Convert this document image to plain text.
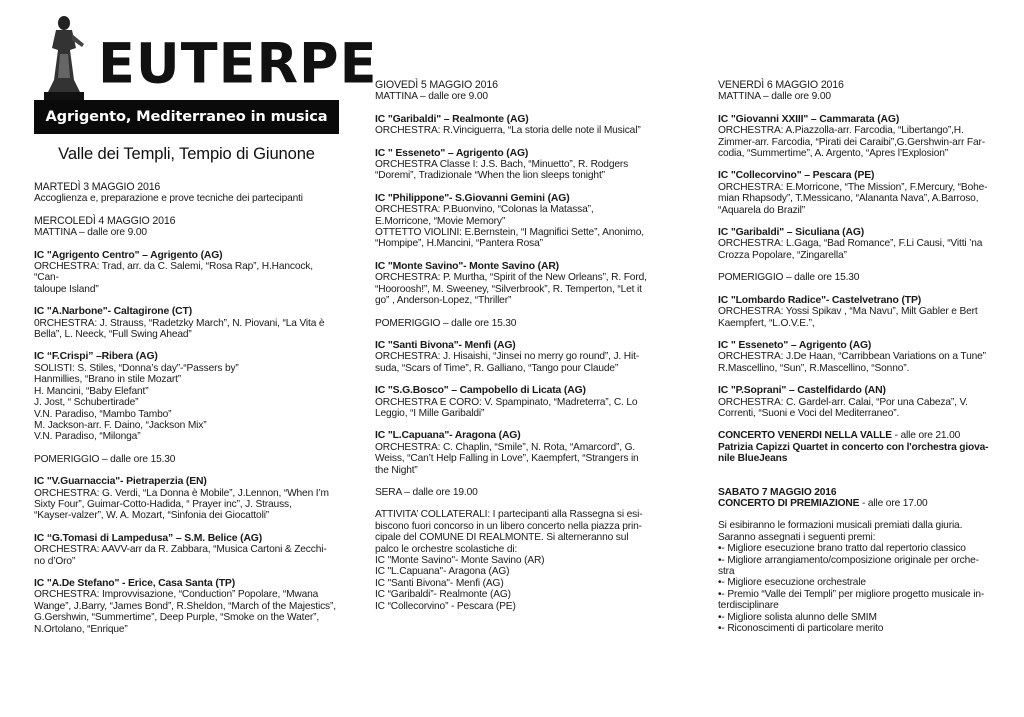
EUTERPE
Agrigento, Mediterraneo in musica
Valle dei Templi, Tempio di Giunone
MARTEDÌ 3 MAGGIO 2016
Accoglienza e, preparazione e prove tecniche dei partecipanti
MERCOLEDÌ 4 MAGGIO 2016
MATTINA – dalle ore 9.00
IC "Agrigento Centro" – Agrigento (AG)
ORCHESTRA: Trad, arr. da C. Salemi, “Rosa Rap”, H.Hancock, “Can-
taloupe Island”
IC "A.Narbone"- Caltagirone (CT)
0RCHESTRA: J. Strauss, “Radetzky March”, N. Piovani, “La Vita è
Bella”, L. Neeck, “Full Swing Ahead”
IC “F.Crispi” –Ribera (AG)
SOLISTI: S. Stiles, “Donna’s day”-“Passers by”
Hanmillies, “Brano in stile Mozart”
H. Mancini, “Baby Elefant”
J. Jost, “ Schubertirade”
V.N. Paradiso, “Mambo Tambo”
M. Jackson-arr. F. Daino, “Jackson Mix”
V.N. Paradiso, “Milonga”
POMERIGGIO – dalle ore 15.30
IC "V.Guarnaccia"- Pietraperzia (EN)
ORCHESTRA: G. Verdi, “La Donna è Mobile”, J.Lennon, “When I’m
Sixty Four”, Guimar-Cotto-Hadida, “ Prayer inc”, J. Strauss,
“Kayser-valzer”, W. A. Mozart, “Sinfonia dei Giocattoli”
IC “G.Tomasi di Lampedusa” – S.M. Belice (AG)
ORCHESTRA: AAVV-arr da R. Zabbara, “Musica Cartoni & Zecchi-
no d’Oro”
IC "A.De Stefano" - Erice, Casa Santa (TP)
ORCHESTRA: Improvvisazione, “Conduction” Popolare, “Mwana
Wange”, J.Barry, “James Bond”, R.Sheldon, “March of the Majestics”,
G.Gershwin, “Summertime”, Deep Purple, “Smoke on the Water”,
N.Ortolano, “Enrique”
GIOVEDÌ 5 MAGGIO 2016
MATTINA – dalle ore 9.00
IC "Garibaldi" – Realmonte (AG)
ORCHESTRA: R.Vinciguerra, “La storia delle note il Musical”
IC " Esseneto" – Agrigento (AG)
ORCHESTRA Classe I: J.S. Bach, “Minuetto”, R. Rodgers
“Doremi”, Tradizionale “When the lion sleeps tonight”
IC "Philippone"- S.Giovanni Gemini (AG)
ORCHESTRA: P.Buonvino, “Colonas la Matassa”,
E.Morricone, “Movie Memory”
OTTETTO VIOLINI: E.Bernstein, “I Magnifici Sette”, Anonimo,
“Hompipe”, H.Mancini, “Pantera Rosa”
IC "Monte Savino"- Monte Savino (AR)
ORCHESTRA: P. Murtha, “Spirit of the New Orleans”, R. Ford,
“Hooroosh!”, M. Sweeney, “Silverbrook”, R. Temperton, “Let it
go” , Anderson-Lopez, “Thriller”
POMERIGGIO – dalle ore 15.30
IC "Santi Bivona"- Menfi (AG)
ORCHESTRA: J. Hisaishi, “Jinsei no merry go round”, J. Hit-
suda, “Scars of Time”, R. Galliano, “Tango pour Claude”
IC "S.G.Bosco" – Campobello di Licata (AG)
ORCHESTRA E CORO: V. Spampinato, “Madreterra”, C. Lo
Leggio, “I Mille Garibaldi”
IC "L.Capuana"- Aragona (AG)
ORCHESTRA: C. Chaplin, “Smile”, N. Rota, “Amarcord”, G.
Weiss, “Can’t Help Falling in Love”, Kaempfert, “Strangers in
the Night”
SERA – dalle ore 19.00
ATTIVITA’ COLLATERALI: I partecipanti alla Rassegna si esi-
biscono fuori concorso in un libero concerto nella piazza prin-
cipale del COMUNE DI REALMONTE. Si alterneranno sul
palco le orchestre scolastiche di:
IC "Monte Savino"- Monte Savino (AR)
IC "L.Capuana"- Aragona (AG)
IC "Santi Bivona"- Menfi (AG)
IC “Garibaldi”- Realmonte (AG)
IC “Collecorvino” - Pescara (PE)
VENERDÌ 6 MAGGIO 2016
MATTINA – dalle ore 9.00
IC "Giovanni XXIII" – Cammarata (AG)
ORCHESTRA: A.Piazzolla-arr. Farcodia, “Libertango”,H.
Zimmer-arr. Farcodia, “Pirati dei Caraibi”,G.Gershwin-arr Far-
codia, “Summertime”, A. Argento, “Apres l’Explosion”
IC "Collecorvino" – Pescara (PE)
ORCHESTRA: E.Morricone, “The Mission”, F.Mercury, “Bohe-
mian Rhapsody”, T.Messicano, “Alananta Nava”, A.Barroso,
“Aquarela do Brazil”
IC "Garibaldi" – Siculiana (AG)
ORCHESTRA: L.Gaga, “Bad Romance”, F.Li Causi, “Vitti ’na
Crozza Popolare, “Zingarella”
POMERIGGIO – dalle ore 15.30
IC "Lombardo Radice"- Castelvetrano (TP)
ORCHESTRA: Yossi Spikav , “Ma Navu”, Milt Gabler e Bert
Kaempfert, “L.O.V.E.”,
IC " Esseneto" – Agrigento (AG)
ORCHESTRA: J.De Haan, “Carribbean Variations on a Tune”
R.Mascellino, “Sun”, R.Mascellino, “Sonno”.
IC "P.Soprani" – Castelfidardo (AN)
ORCHESTRA: C. Gardel-arr. Calai, “Por una Cabeza”, V.
Correnti, “Suoni e Voci del Mediterraneo”.
CONCERTO VENERDI NELLA VALLE - alle ore 21.00
Patrizia Capizzi Quartet in concerto con l'orchestra giova-
nile BlueJeans
SABATO 7 MAGGIO 2016
CONCERTO DI PREMIAZIONE - alle ore 17.00
Si esibiranno le formazioni musicali premiati dalla giuria.
Saranno assegnati i seguenti premi:
•- Migliore esecuzione brano tratto dal repertorio classico
•- Migliore arrangiamento/composizione originale per orche-
stra
•- Migliore esecuzione orchestrale
•- Premio “Valle dei Templi” per migliore progetto musicale in-
terdisciplinare
•- Migliore solista alunno delle SMIM
•- Riconoscimenti di particolare merito
